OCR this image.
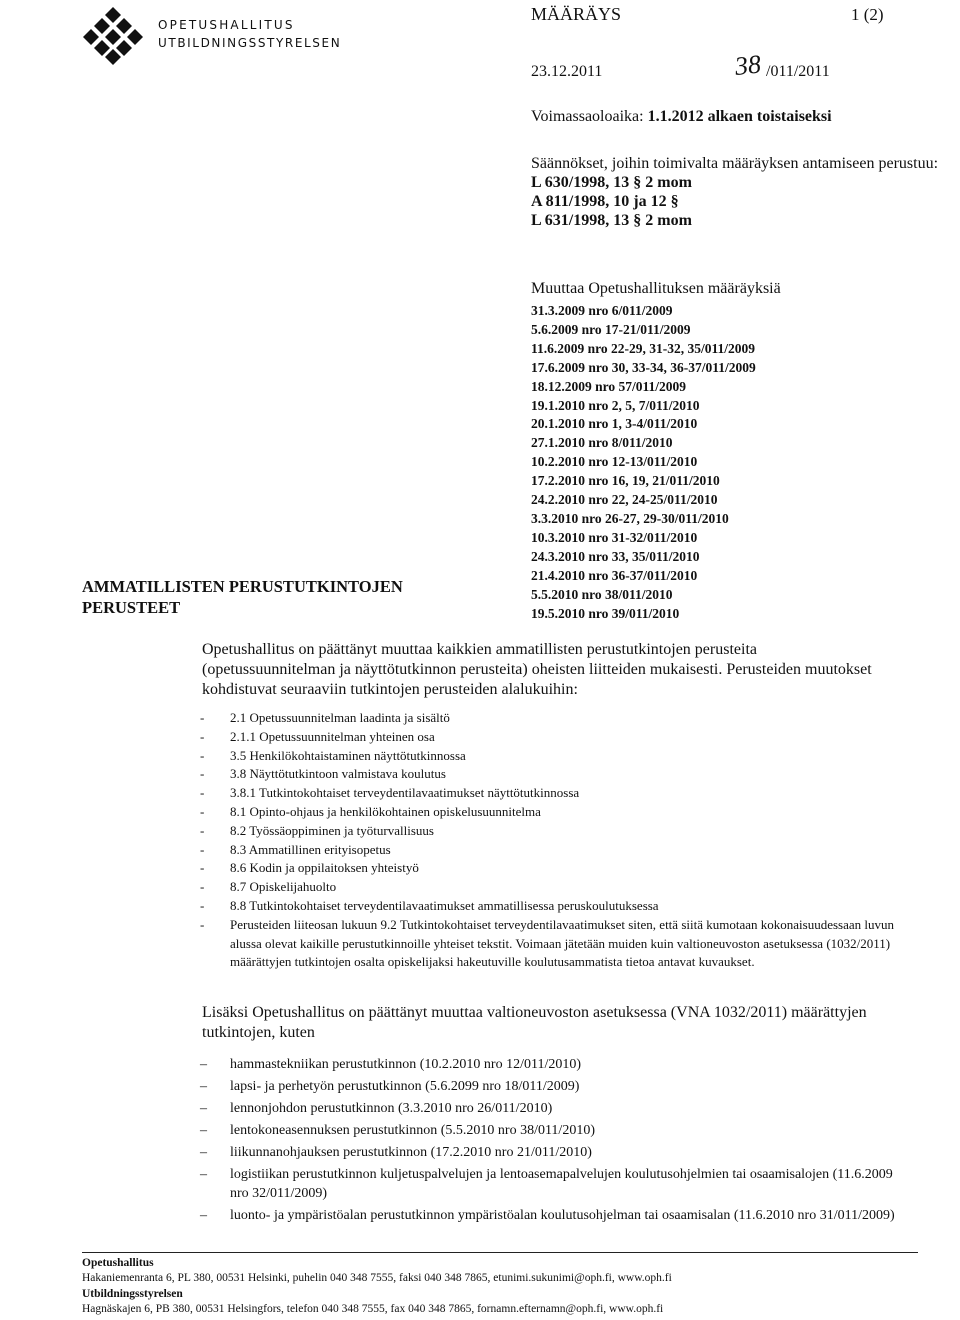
OPETUSHALLITUS
UTBILDNINGSSTYRELSEN
MÄÄRÄYS	1 (2)
23.12.2011	38 /011/2011
Voimassaoloaika: 1.1.2012 alkaen toistaiseksi
Säännökset, joihin toimivalta määräyksen antamiseen perustuu:
L 630/1998, 13 § 2 mom
A 811/1998, 10 ja 12 §
L 631/1998, 13 § 2 mom
Muuttaa Opetushallituksen määräyksiä
31.3.2009 nro 6/011/2009
5.6.2009 nro 17-21/011/2009
11.6.2009 nro 22-29, 31-32, 35/011/2009
17.6.2009 nro 30, 33-34, 36-37/011/2009
18.12.2009 nro 57/011/2009
19.1.2010 nro 2, 5, 7/011/2010
20.1.2010 nro 1, 3-4/011/2010
27.1.2010 nro 8/011/2010
10.2.2010 nro 12-13/011/2010
17.2.2010 nro 16, 19, 21/011/2010
24.2.2010 nro 22, 24-25/011/2010
3.3.2010 nro 26-27, 29-30/011/2010
10.3.2010 nro 31-32/011/2010
24.3.2010 nro 33, 35/011/2010
21.4.2010 nro 36-37/011/2010
5.5.2010 nro 38/011/2010
19.5.2010 nro 39/011/2010
AMMATILLISTEN PERUSTUTKINTOJEN
PERUSTEET
Opetushallitus on päättänyt muuttaa kaikkien ammatillisten perustutkintojen perusteita (opetussuunnitelman ja näyttötutkinnon perusteita) oheisten liitteiden mukaisesti. Perusteiden muutokset kohdistuvat seuraaviin tutkintojen perusteiden alalukuihin:
- 2.1 Opetussuunnitelman laadinta ja sisältö
- 2.1.1 Opetussuunnitelman yhteinen osa
- 3.5 Henkilökohtaistaminen näyttötutkinnossa
- 3.8 Näyttötutkintoon valmistava koulutus
- 3.8.1 Tutkintokohtaiset terveydentilavaatimukset näyttötutkinnossa
- 8.1 Opinto-ohjaus ja henkilökohtainen opiskelusuunnitelma
- 8.2 Työssäoppiminen ja työturvallisuus
- 8.3 Ammatillinen erityisopetus
- 8.6 Kodin ja oppilaitoksen yhteistyö
- 8.7 Opiskelijahuolto
- 8.8 Tutkintokohtaiset terveydentilavaatimukset ammatillisessa peruskoulutuksessa
- Perusteiden liiteosan lukuun 9.2 Tutkintokohtaiset terveydentilavaatimukset siten, että siitä kumotaan kokonaisuudessaan luvun alussa olevat kaikille perustutkinnoille yhteiset tekstit. Voimaan jätetään muiden kuin valtioneuvoston asetuksessa (1032/2011) määrättyjen tutkintojen osalta opiskelijaksi hakeutuville koulutusammatista tietoa antavat kuvaukset.
Lisäksi Opetushallitus on päättänyt muuttaa valtioneuvoston asetuksessa (VNA 1032/2011) määrättyjen tutkintojen, kuten
– hammastekniikan perustutkinnon (10.2.2010 nro 12/011/2010)
– lapsi- ja perhetyön perustutkinnon (5.6.2099 nro 18/011/2009)
– lennonjohdon perustutkinnon (3.3.2010 nro 26/011/2010)
– lentokoneasennuksen perustutkinnon (5.5.2010 nro 38/011/2010)
– liikunnanohjauksen perustutkinnon (17.2.2010 nro 21/011/2010)
– logistiikan perustutkinnon kuljetuspalvelujen ja lentoasemapalvelujen koulutusohjelmien tai osaamisalojen (11.6.2009 nro 32/011/2009)
– luonto- ja ympäristöalan perustutkinnon ympäristöalan koulutusohjelman tai osaamisalan (11.6.2010 nro 31/011/2009)
Opetushallitus
Hakaniemenranta 6, PL 380, 00531 Helsinki, puhelin 040 348 7555, faksi 040 348 7865, etunimi.sukunimi@oph.fi, www.oph.fi
Utbildningsstyrelsen
Hagnäskajen 6, PB 380, 00531 Helsingfors, telefon 040 348 7555, fax 040 348 7865, fornamn.efternamn@oph.fi, www.oph.fi
